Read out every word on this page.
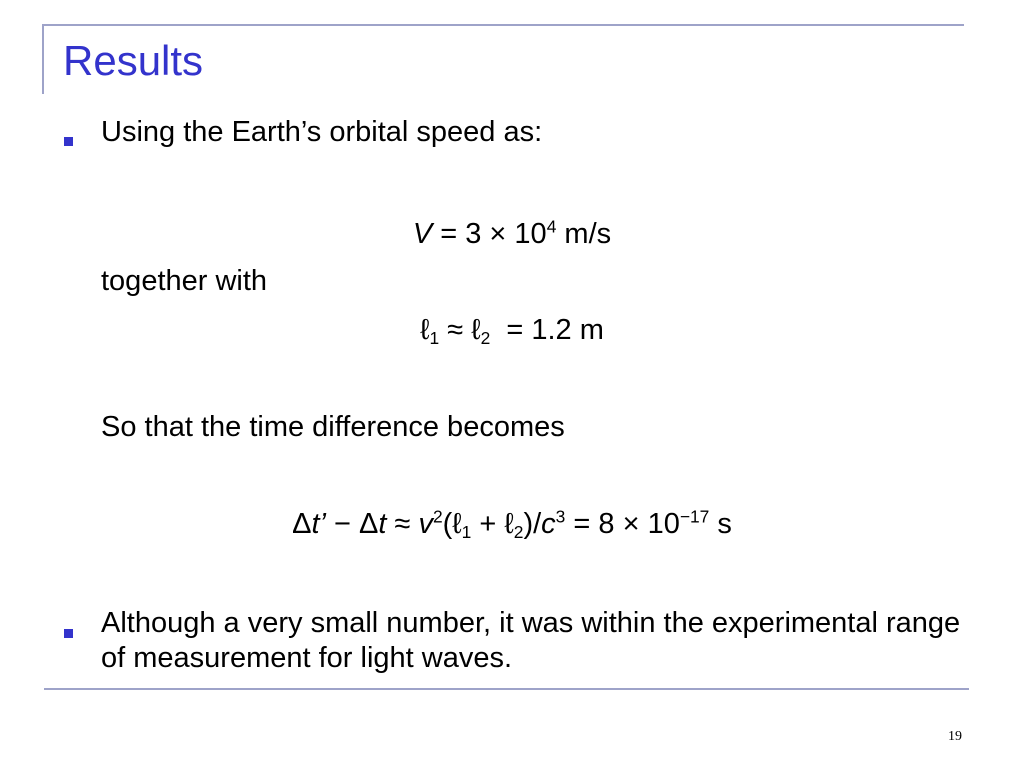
Results
Using the Earth’s orbital speed as:
$V = 3 \times 10^4$ m/s
together with
ℓ$_1$ ≈ ℓ$_2$  = 1.2 m
So that the time difference becomes
Δt’ − $\Delta t \approx v^2(\ell_1$ + $\ell_2)/c^3 = 8 \times 10^{-17}$ s
Although a very small number, it was within the experimental range of measurement for light waves.
19
